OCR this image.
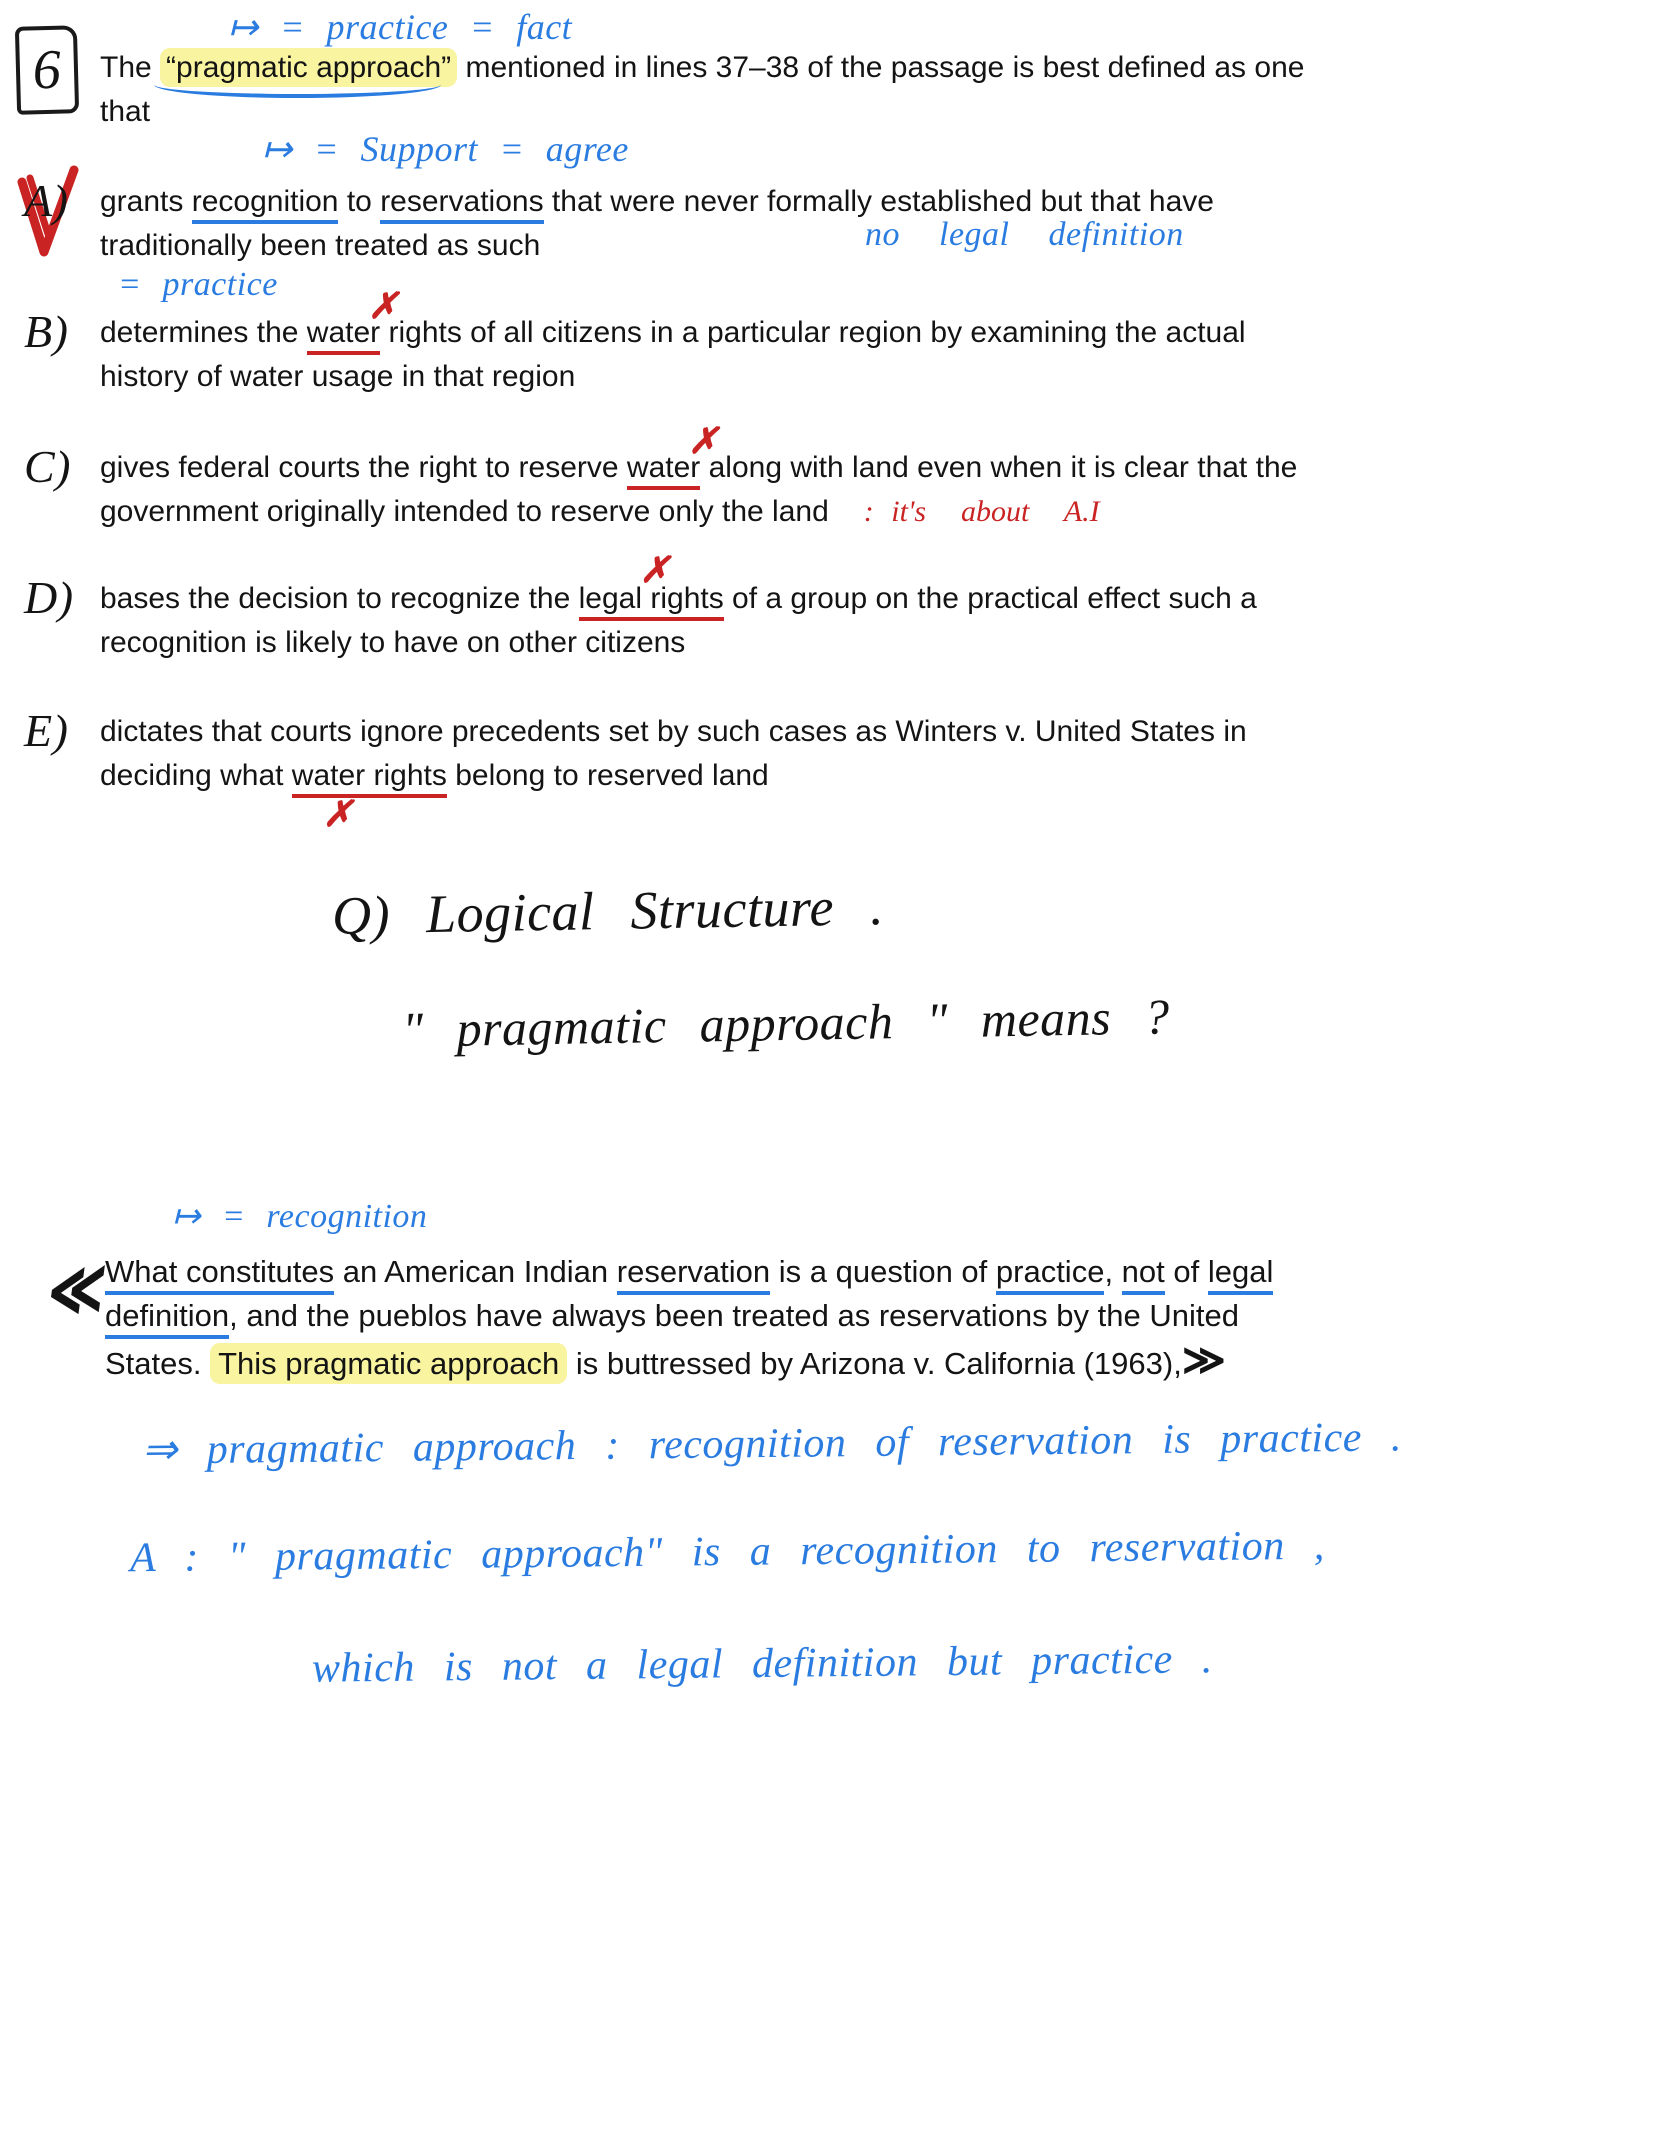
↦ = practice = fact
6 The “pragmatic approach” mentioned in lines 37–38 of the passage is best defined as one
that
↦ = Support = agree
A) grants recognition to reservations that were never formally established but that have
traditionally been treated as such	no legal definition
= practice
B) determines the water
✗
rights of all citizens in a particular region by examining the actual
history of water usage in that region
C) gives federal courts the right to reserve water
✗
along with land even when it is clear that the
government originally intended to reserve only the land  : it's  about  A.I
D) bases the decision to recognize the legal rights
✗
of a group on the practical effect such a
recognition is likely to have on other citizens
E) dictates that courts ignore precedents set by such cases as Winters v. United States in
deciding what water rights
✗
belong to reserved land
Q) Logical Structure .
" pragmatic approach " means ?
↦ = recognition
≪ What constitutes an American Indian reservation is a question of practice, not of legal
definition, and the pueblos have always been treated as reservations by the United
States. This pragmatic approach is buttressed by Arizona v. California (1963),≫
⇒ pragmatic approach : recognition of reservation is practice .
A : " pragmatic approach" is a recognition to reservation ,
which is not a legal definition but practice .
